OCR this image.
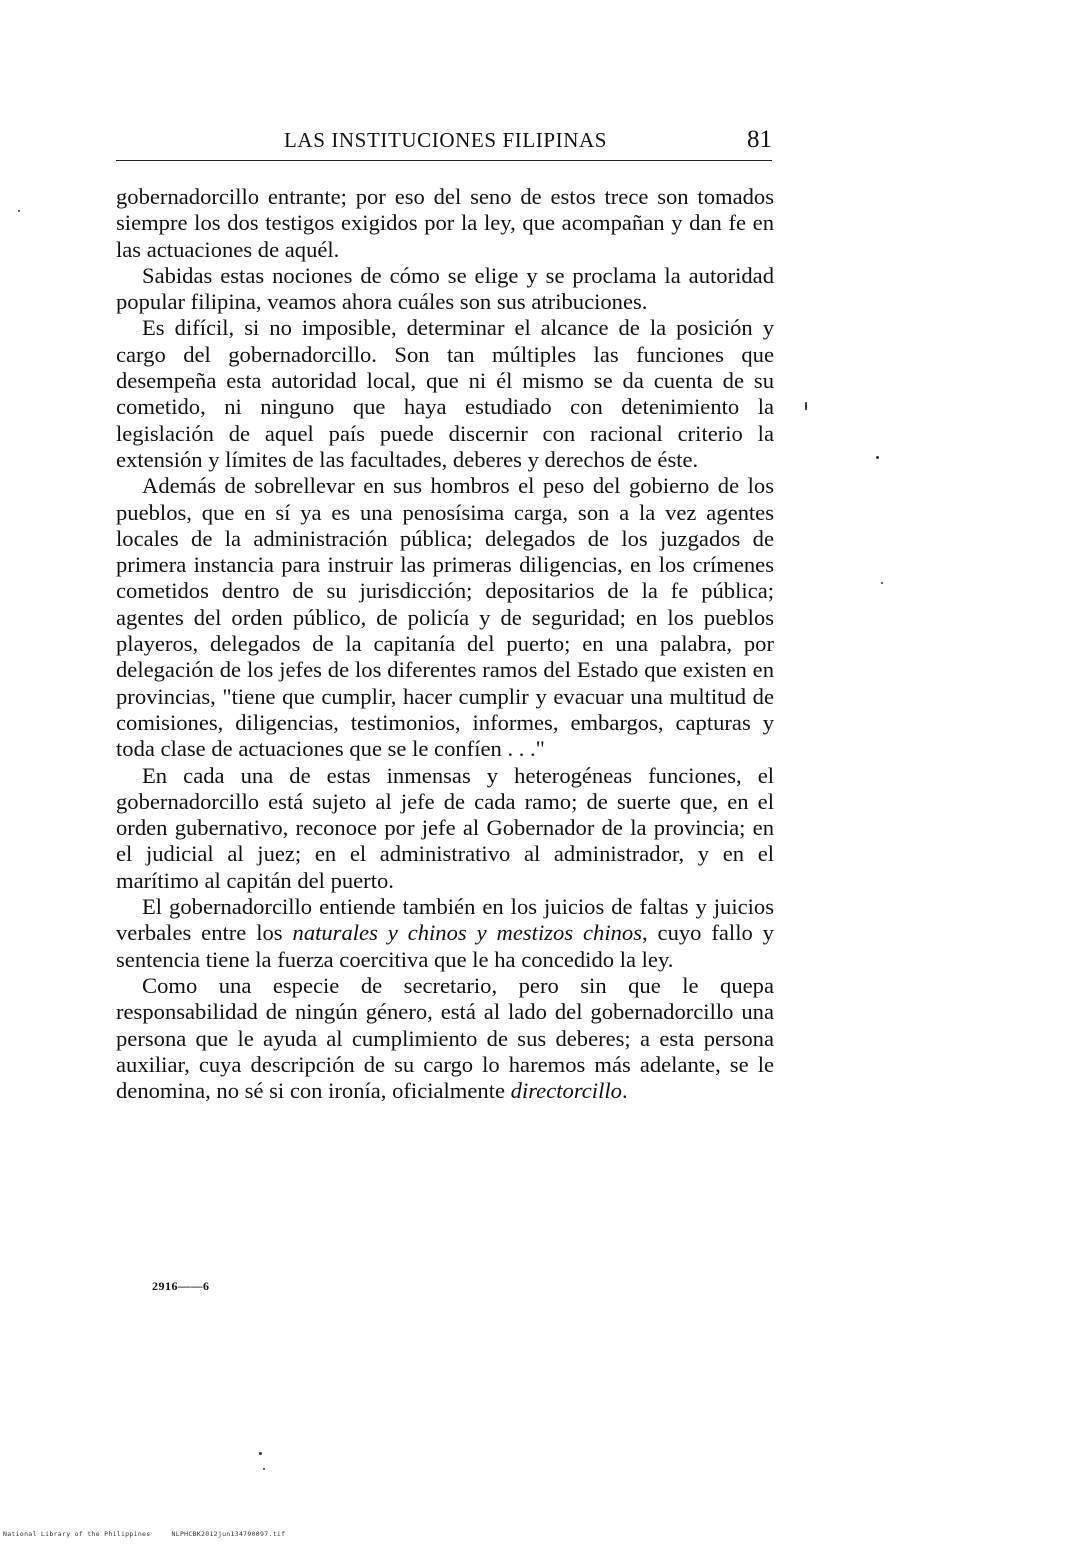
LAS INSTITUCIONES FILIPINAS	81

gobernadorcillo entrante; por eso del seno de estos trece son tomados siempre los dos testigos exigidos por la ley, que acompañan y dan fe en las actuaciones de aquél.

Sabidas estas nociones de cómo se elige y se proclama la autoridad popular filipina, veamos ahora cuáles son sus atribuciones.

Es difícil, si no imposible, determinar el alcance de la posición y cargo del gobernadorcillo. Son tan múltiples las funciones que desempeña esta autoridad local, que ni él mismo se da cuenta de su cometido, ni ninguno que haya estudiado con detenimiento la legislación de aquel país puede discernir con racional criterio la extensión y límites de las facultades, deberes y derechos de éste.

Además de sobrellevar en sus hombros el peso del gobierno de los pueblos, que en sí ya es una penosísima carga, son a la vez agentes locales de la administración pública; delegados de los juzgados de primera instancia para instruir las primeras diligencias, en los crímenes cometidos dentro de su jurisdicción; depositarios de la fe pública; agentes del orden público, de policía y de seguridad; en los pueblos playeros, delegados de la capitanía del puerto; en una palabra, por delegación de los jefes de los diferentes ramos del Estado que existen en provincias, "tiene que cumplir, hacer cumplir y evacuar una multitud de comisiones, diligencias, testimonios, informes, embargos, capturas y toda clase de actuaciones que se le confíen . . ."

En cada una de estas inmensas y heterogéneas funciones, el gobernadorcillo está sujeto al jefe de cada ramo; de suerte que, en el orden gubernativo, reconoce por jefe al Gobernador de la provincia; en el judicial al juez; en el administrativo al administrador, y en el marítimo al capitán del puerto.

El gobernadorcillo entiende también en los juicios de faltas y juicios verbales entre los naturales y chinos y mestizos chinos, cuyo fallo y sentencia tiene la fuerza coercitiva que le ha concedido la ley.

Como una especie de secretario, pero sin que le quepa responsabilidad de ningún género, está al lado del gobernadorcillo una persona que le ayuda al cumplimiento de sus deberes; a esta persona auxiliar, cuya descripción de su cargo lo haremos más adelante, se le denomina, no sé si con ironía, oficialmente directorcillo.

2916——6
National Library of the Philippines     NLPHCBK2012jun134790097.tif
